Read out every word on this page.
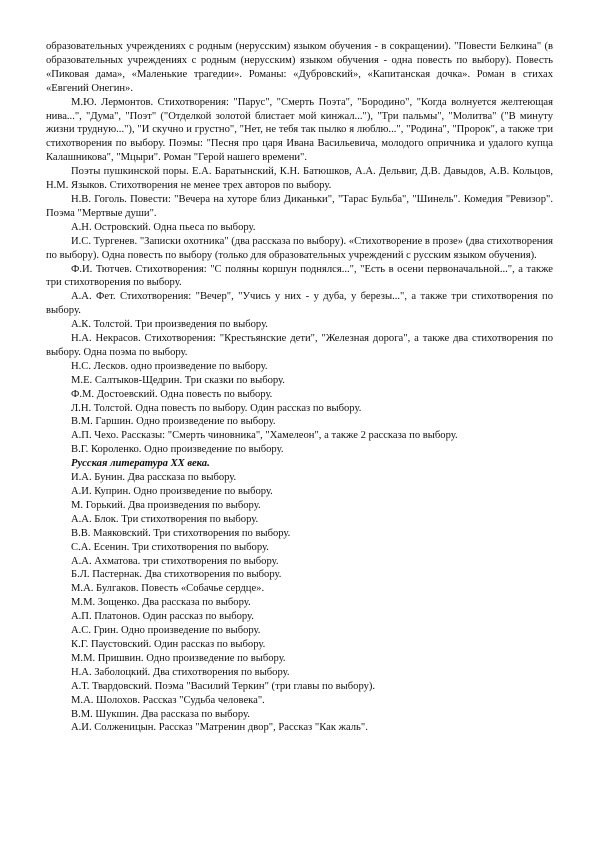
образовательных учреждениях с родным (нерусским) языком обучения - в сокращении). "Повести Белкина" (в образовательных учреждениях с родным (нерусским) языком обучения - одна повесть по выбору). Повесть «Пиковая дама», «Маленькие трагедии». Романы: «Дубровский», «Капитанская дочка». Роман в стихах «Евгений Онегин».

М.Ю. Лермонтов. Стихотворения: "Парус", "Смерть Поэта", "Бородино", "Когда волнуется желтеющая нива...", "Дума", "Поэт" ("Отделкой золотой блистает мой кинжал..."), "Три пальмы", "Молитва" ("В минуту жизни трудную..."), "И скучно и грустно", "Нет, не тебя так пылко я люблю...", "Родина", "Пророк", а также три стихотворения по выбору. Поэмы: "Песня про царя Ивана Васильевича, молодого опричника и удалого купца Калашникова", "Мцыри". Роман "Герой нашего времени".

Поэты пушкинской поры. Е.А. Баратынский, К.Н. Батюшков, А.А. Дельвиг, Д.В. Давыдов, А.В. Кольцов, Н.М. Языков. Стихотворения не менее трех авторов по выбору.

Н.В. Гоголь. Повести: "Вечера на хуторе близ Диканьки", "Тарас Бульба", "Шинель". Комедия "Ревизор". Поэма "Мертвые души".

А.Н. Островский. Одна пьеса по выбору.

И.С. Тургенев. "Записки охотника" (два рассказа по выбору). «Стихотворение в прозе» (два стихотворения по выбору). Одна повесть по выбору (только для образовательных учреждений с русским языком обучения).

Ф.И. Тютчев. Стихотворения: "С поляны коршун поднялся...", "Есть в осени первоначальной...", а также три стихотворения по выбору.

А.А. Фет. Стихотворения: "Вечер", "Учись у них - у дуба, у березы...", а также три стихотворения по выбору.

А.К. Толстой. Три произведения по выбору.

Н.А. Некрасов. Стихотворения: "Крестьянские дети", "Железная дорога", а также два стихотворения по выбору. Одна поэма по выбору.

Н.С. Лесков. одно произведение по выбору.

М.Е. Салтыков-Щедрин. Три сказки по выбору.

Ф.М. Достоевский. Одна повесть по выбору.

Л.Н. Толстой. Одна повесть по выбору. Один рассказ по выбору.

В.М. Гаршин. Одно произведение по выбору.

А.П. Чехо. Рассказы: "Смерть чиновника", "Хамелеон", а также 2 рассказа по выбору.

В.Г. Короленко. Одно произведение по выбору.

Русская литература XX века.

И.А. Бунин. Два рассказа по выбору.

А.И. Куприн. Одно произведение по выбору.

М. Горький. Два произведения по выбору.

А.А. Блок. Три стихотворения по выбору.

В.В. Маяковский. Три стихотворения по выбору.

С.А. Есенин. Три стихотворения по выбору.

А.А. Ахматова. три стихотворения по выбору.

Б.Л. Пастернак. Два стихотворения по выбору.

М.А. Булгаков. Повесть «Собачье сердце».

М.М. Зощенко. Два рассказа по выбору.

А.П. Платонов. Один рассказ по выбору.

А.С. Грин. Одно произведение по выбору.

К.Г. Паустовский. Один рассказ по выбору.

М.М. Пришвин. Одно произведение по выбору.

Н.А. Заболоцкий. Два стихотворения по выбору.

А.Т. Твардовский. Поэма "Василий Теркин" (три главы по выбору).

М.А. Шолохов. Рассказ "Судьба человека".

В.М. Шукшин. Два рассказа по выбору.

А.И. Солженицын. Рассказ "Матренин двор", Рассказ "Как жаль".
